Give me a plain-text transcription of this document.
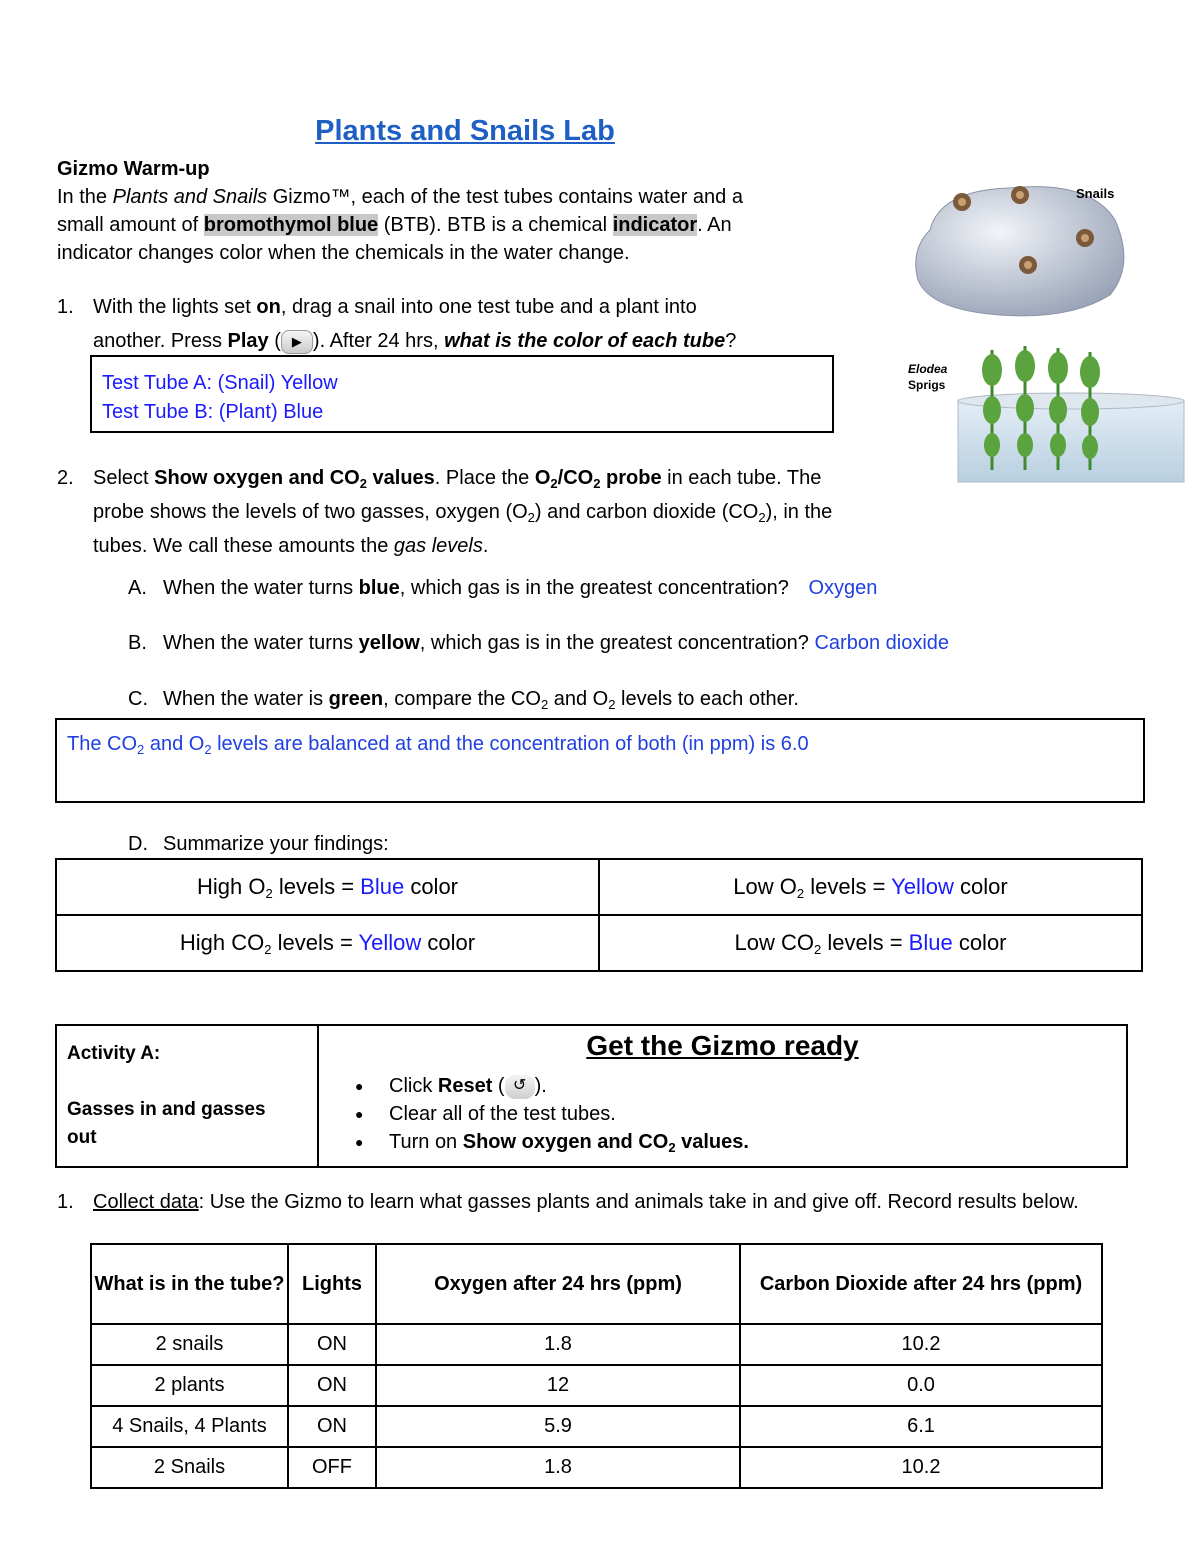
Plants and Snails Lab
Gizmo Warm-up
In the Plants and Snails Gizmo™, each of the test tubes contains water and a
small amount of bromothymol blue (BTB). BTB is a chemical indicator. An
indicator changes color when the chemicals in the water change.
Snails
Elodea
Sprigs
1. With the lights set on, drag a snail into one test tube and a plant into
another. Press Play ( ▶ ). After 24 hrs, what is the color of each tube?
Test Tube A: (Snail) Yellow
Test Tube B: (Plant) Blue
2. Select Show oxygen and $CO_2$ values. Place the $O_2/CO_2$ probe in each tube. The
probe shows the levels of two gasses, oxygen $(O_2)$ and carbon dioxide $(CO_2)$, in the
tubes. We call these amounts the gas levels.
A. When the water turns blue, which gas is in the greatest concentration? Oxygen
B. When the water turns yellow, which gas is in the greatest concentration? Carbon dioxide
C. When the water is green, compare the $CO_2$ and $O_2$ levels to each other.
The $CO_2$ and $O_2$ levels are balanced at and the concentration of both (in ppm) is 6.0
D. Summarize your findings:
High $O_2$ levels = Blue color	Low $O_2$ levels = Yellow color
High $CO_2$ levels = Yellow color	Low $CO_2$ levels = Blue color
Activity A:
Gasses in and gasses out

Get the Gizmo ready
● Click Reset ( ↺ ).
● Clear all of the test tubes.
● Turn on Show oxygen and $CO_2$ values.
1. Collect data: Use the Gizmo to learn what gasses plants and animals take in and give off. Record results below.
What is in the tube?	Lights	Oxygen after 24 hrs (ppm)	Carbon Dioxide after 24 hrs (ppm)
2 snails	ON	1.8	10.2
2 plants	ON	12	0.0
4 Snails, 4 Plants	ON	5.9	6.1
2 Snails	OFF	1.8	10.2
